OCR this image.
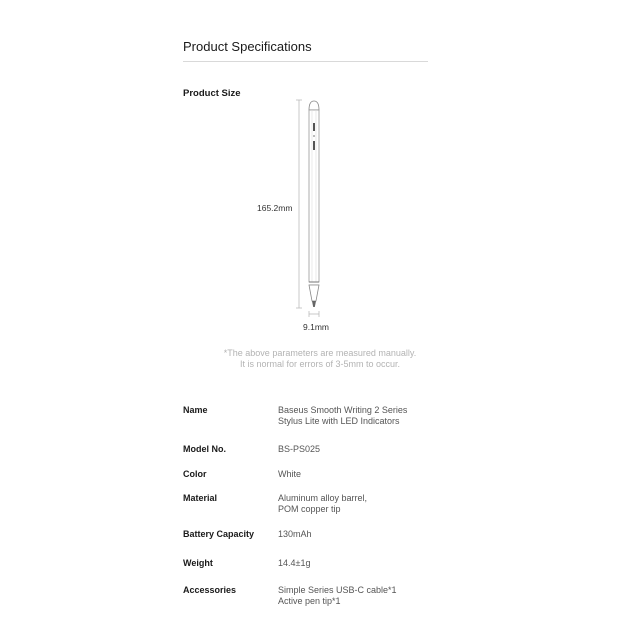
Product Specifications
Product Size
165.2mm
9.1mm
*The above parameters are measured manually.
It is normal for errors of 3-5mm to occur.
Name	Baseus Smooth Writing 2 Series
Stylus Lite with LED Indicators
Model No.	BS-PS025
Color	White
Material	Aluminum alloy barrel,
POM copper tip
Battery Capacity	130mAh
Weight	14.4±1g
Accessories	Simple Series USB-C cable*1
Active pen tip*1
